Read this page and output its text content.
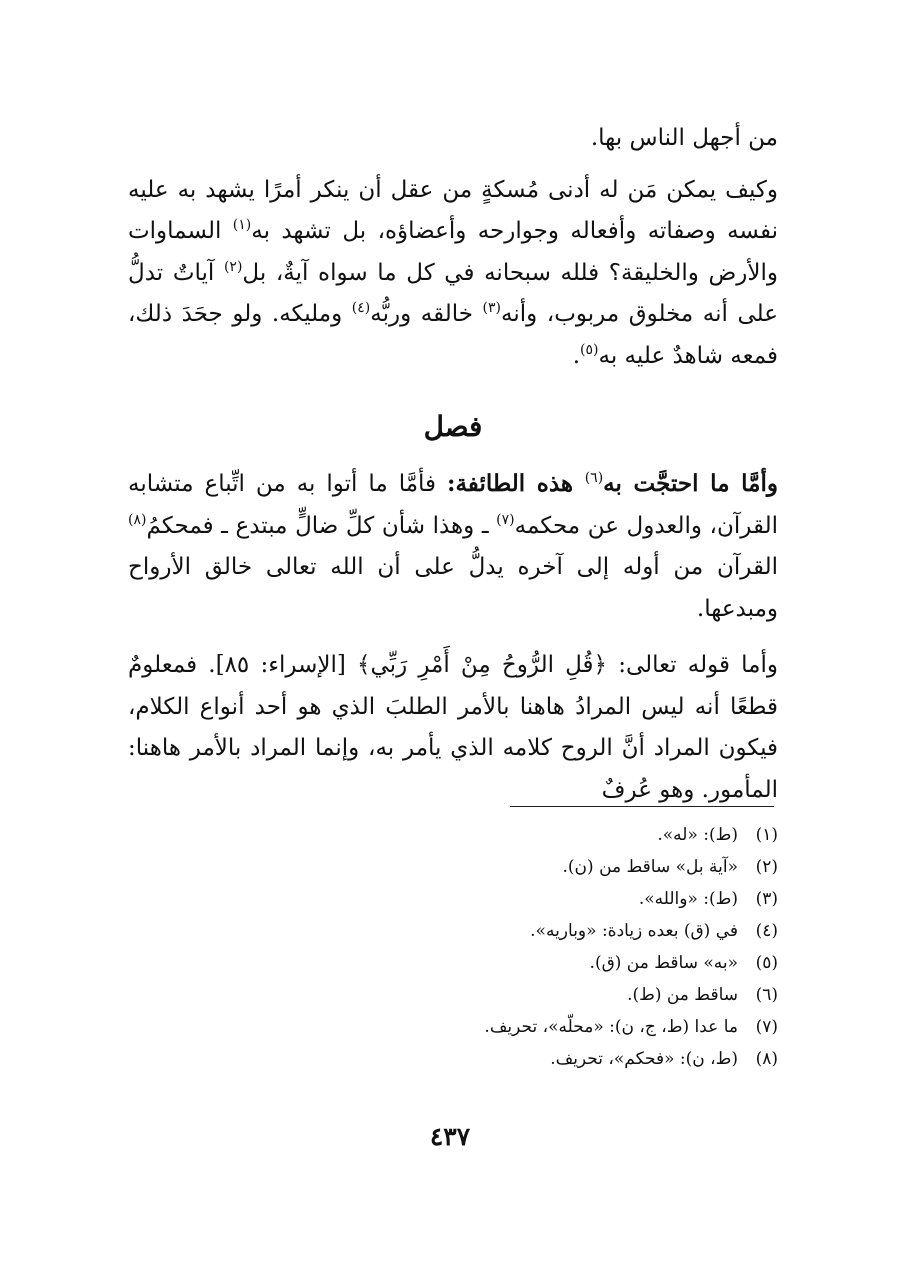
من أجهل الناس بها.

وكيف يمكن مَن له أدنى مُسكةٍ من عقل أن ينكر أمرًا يشهد به عليه نفسه وصفاته وأفعاله وجوارحه وأعضاؤه، بل تشهد به$^{(١)}$ السماوات والأرض والخليقة؟ فلله سبحانه في كل ما سواه آيةٌ، بل$^{(٢)}$ آياتٌ تدلُّ على أنه مخلوق مربوب، وأنه$^{(٣)}$ خالقه وربُّه$^{(٤)}$ ومليكه. ولو جحَدَ ذلك، فمعه شاهدٌ عليه به$^{(٥)}$.

فصل

وأمَّا ما احتجَّت به$^{(٦)}$ هذه الطائفة: فأمَّا ما أتوا به من اتِّباع متشابه القرآن، والعدول عن محكمه$^{(٧)}$ ـ وهذا شأن كلِّ ضالٍّ مبتدع ـ فمحكمُ$^{(٨)}$ القرآن من أوله إلى آخره يدلُّ على أن الله تعالى خالق الأرواح ومبدعها.

وأما قوله تعالى: ﴿قُلِ الرُّوحُ مِنْ أَمْرِ رَبِّي﴾ [الإسراء: ٨٥]. فمعلومٌ قطعًا أنه ليس المرادُ هاهنا بالأمر الطلبَ الذي هو أحد أنواع الكلام، فيكون المراد أنَّ الروح كلامه الذي يأمر به، وإنما المراد بالأمر هاهنا: المأمور. وهو عُرفٌ

(١)(ط): «له».
(٢)«آية بل» ساقط من (ن).
(٣)(ط): «والله».
(٤)في (ق) بعده زيادة: «وباريه».
(٥)«به» ساقط من (ق).
(٦)ساقط من (ط).
(٧)ما عدا (ط، ج، ن): «محلّه»، تحريف.
(٨)(ط، ن): «فحكم»، تحريف.
٤٣٧
